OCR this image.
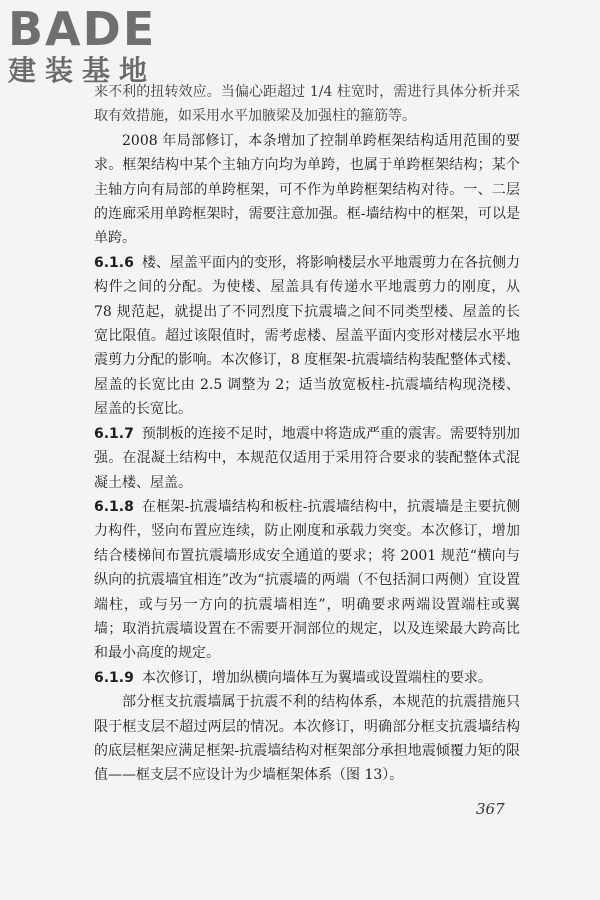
BADE
建装基地

来不利的扭转效应。当偏心距超过 1/4 柱宽时，需进行具体分析并采取有效措施，如采用水平加腋梁及加强柱的箍筋等。

2008 年局部修订，本条增加了控制单跨框架结构适用范围的要求。框架结构中某个主轴方向均为单跨，也属于单跨框架结构；某个主轴方向有局部的单跨框架，可不作为单跨框架结构对待。一、二层的连廊采用单跨框架时，需要注意加强。框-墙结构中的框架，可以是单跨。

6.1.6 楼、屋盖平面内的变形，将影响楼层水平地震剪力在各抗侧力构件之间的分配。为使楼、屋盖具有传递水平地震剪力的刚度，从 78 规范起，就提出了不同烈度下抗震墙之间不同类型楼、屋盖的长宽比限值。超过该限值时，需考虑楼、屋盖平面内变形对楼层水平地震剪力分配的影响。本次修订，8 度框架-抗震墙结构装配整体式楼、屋盖的长宽比由 2.5 调整为 2；适当放宽板柱-抗震墙结构现浇楼、屋盖的长宽比。

6.1.7 预制板的连接不足时，地震中将造成严重的震害。需要特别加强。在混凝土结构中，本规范仅适用于采用符合要求的装配整体式混凝土楼、屋盖。

6.1.8 在框架-抗震墙结构和板柱-抗震墙结构中，抗震墙是主要抗侧力构件，竖向布置应连续，防止刚度和承载力突变。本次修订，增加结合楼梯间布置抗震墙形成安全通道的要求；将 2001 规范“横向与纵向的抗震墙宜相连”改为“抗震墙的两端（不包括洞口两侧）宜设置端柱，或与另一方向的抗震墙相连”，明确要求两端设置端柱或翼墙；取消抗震墙设置在不需要开洞部位的规定，以及连梁最大跨高比和最小高度的规定。

6.1.9 本次修订，增加纵横向墙体互为翼墙或设置端柱的要求。

部分框支抗震墙属于抗震不利的结构体系，本规范的抗震措施只限于框支层不超过两层的情况。本次修订，明确部分框支抗震墙结构的底层框架应满足框架-抗震墙结构对框架部分承担地震倾覆力矩的限值——框支层不应设计为少墙框架体系（图 13）。

367
